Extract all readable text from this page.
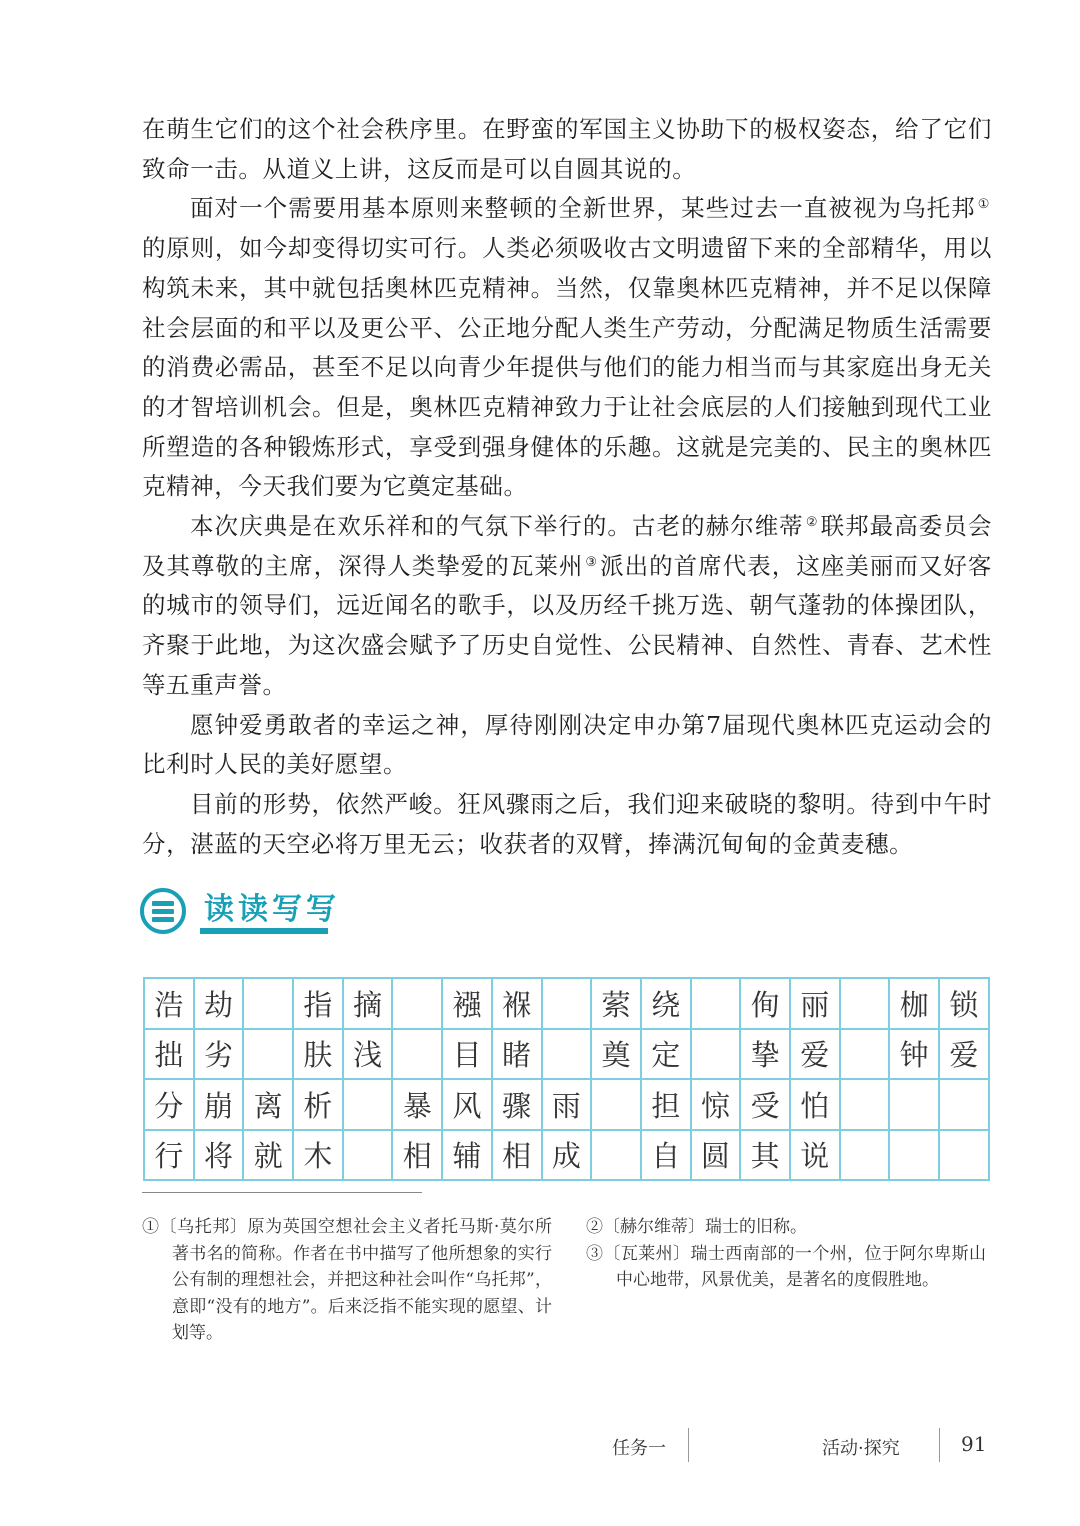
在萌生它们的这个社会秩序里。在野蛮的军国主义协助下的极权姿态，给了它们致命一击。从道义上讲，这反而是可以自圆其说的。

面对一个需要用基本原则来整顿的全新世界，某些过去一直被视为乌托邦 ①的原则，如今却变得切实可行。人类必须吸收古文明遗留下来的全部精华，用以构筑未来，其中就包括奥林匹克精神。当然，仅靠奥林匹克精神，并不足以保障社会层面的和平以及更公平、公正地分配人类生产劳动，分配满足物质生活需要的消费必需品，甚至不足以向青少年提供与他们的能力相当而与其家庭出身无关的才智培训机会。但是，奥林匹克精神致力于让社会底层的人们接触到现代工业所塑造的各种锻炼形式，享受到强身健体的乐趣。这就是完美的、民主的奥林匹克精神，今天我们要为它奠定基础。

本次庆典是在欢乐祥和的气氛下举行的。古老的赫尔维蒂 ②联邦最高委员会及其尊敬的主席，深得人类挚爱的瓦莱州 ③派出的首席代表，这座美丽而又好客的城市的领导们，远近闻名的歌手，以及历经千挑万选、朝气蓬勃的体操团队，齐聚于此地，为这次盛会赋予了历史自觉性、公民精神、自然性、青春、艺术性等五重声誉。

愿钟爱勇敢者的幸运之神，厚待刚刚决定申办第7届现代奥林匹克运动会的比利时人民的美好愿望。

目前的形势，依然严峻。狂风骤雨之后，我们迎来破晓的黎明。待到中午时分，湛蓝的天空必将万里无云；收获者的双臂，捧满沉甸甸的金黄麦穗。

读读写写
浩 劫	指 摘	襁 褓	萦 绕	侚 丽	枷 锁
拙 劣	肤 浅	目 睹	奠 定	挚 爱	钟 爱
分 崩 离 析	暴 风 骤 雨	担 惊 受 怕
行 将 就 木	相 辅 相 成	自 圆 其 说
①〔乌托邦〕原为英国空想社会主义者托马斯·莫尔所著书名的简称。作者在书中描写了他所想象的实行公有制的理想社会，并把这种社会叫作“乌托邦”，意即“没有的地方”。后来泛指不能实现的愿望、计划等。
②〔赫尔维蒂〕瑞士的旧称。
③〔瓦莱州〕瑞士西南部的一个州，位于阿尔卑斯山中心地带，风景优美，是著名的度假胜地。
任务一	活动·探究	91
